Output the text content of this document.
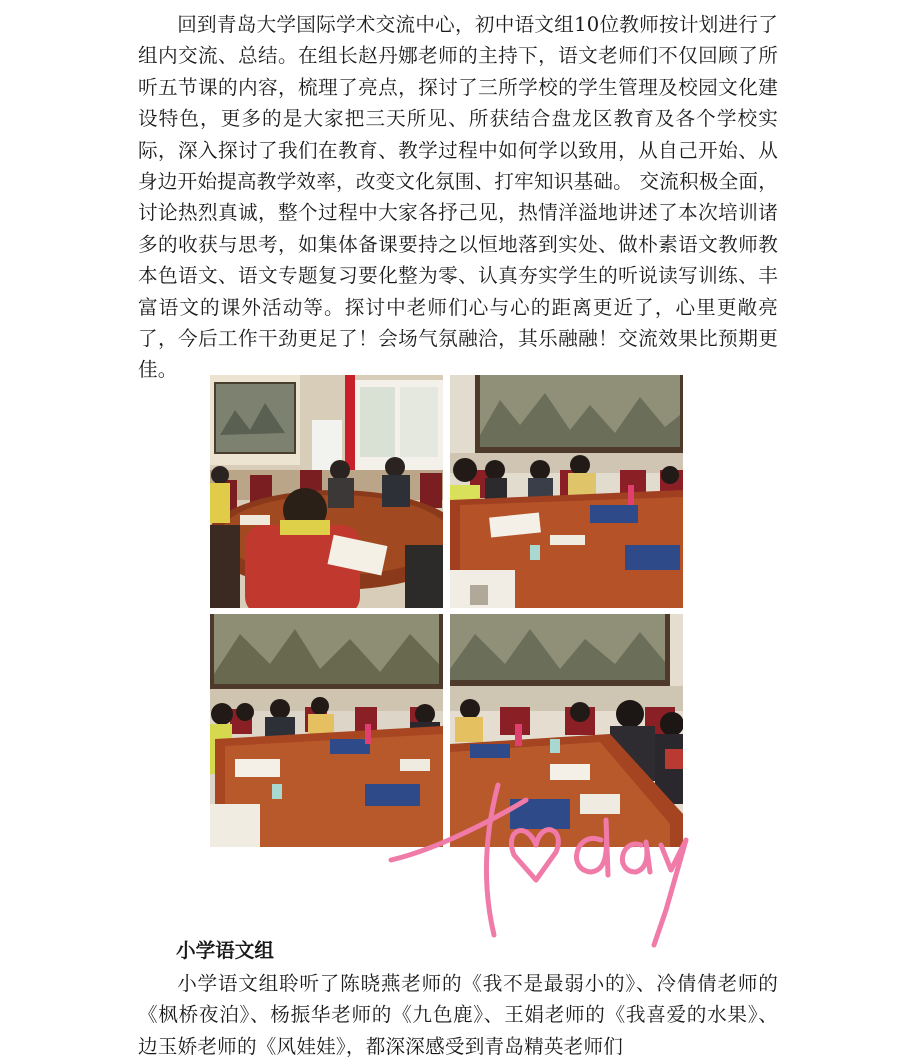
回到青岛大学国际学术交流中心，初中语文组10位教师按计划进行了组内交流、总结。在组长赵丹娜老师的主持下，语文老师们不仅回顾了所听五节课的内容，梳理了亮点，探讨了三所学校的学生管理及校园文化建设特色，更多的是大家把三天所见、所获结合盘龙区教育及各个学校实际，深入探讨了我们在教育、教学过程中如何学以致用，从自己开始、从身边开始提高教学效率，改变文化氛围、打牢知识基础。 交流积极全面，讨论热烈真诚，整个过程中大家各抒己见，热情洋溢地讲述了本次培训诸多的收获与思考，如集体备课要持之以恒地落到实处、做朴素语文教师教本色语文、语文专题复习要化整为零、认真夯实学生的听说读写训练、丰富语文的课外活动等。探讨中老师们心与心的距离更近了，心里更敞亮了，今后工作干劲更足了！会场气氛融洽，其乐融融！交流效果比预期更佳。

小学语文组

小学语文组聆听了陈晓燕老师的《我不是最弱小的》、冷倩倩老师的《枫桥夜泊》、杨振华老师的《九色鹿》、王娟老师的《我喜爱的水果》、边玉娇老师的《风娃娃》，都深深感受到青岛精英老师们
